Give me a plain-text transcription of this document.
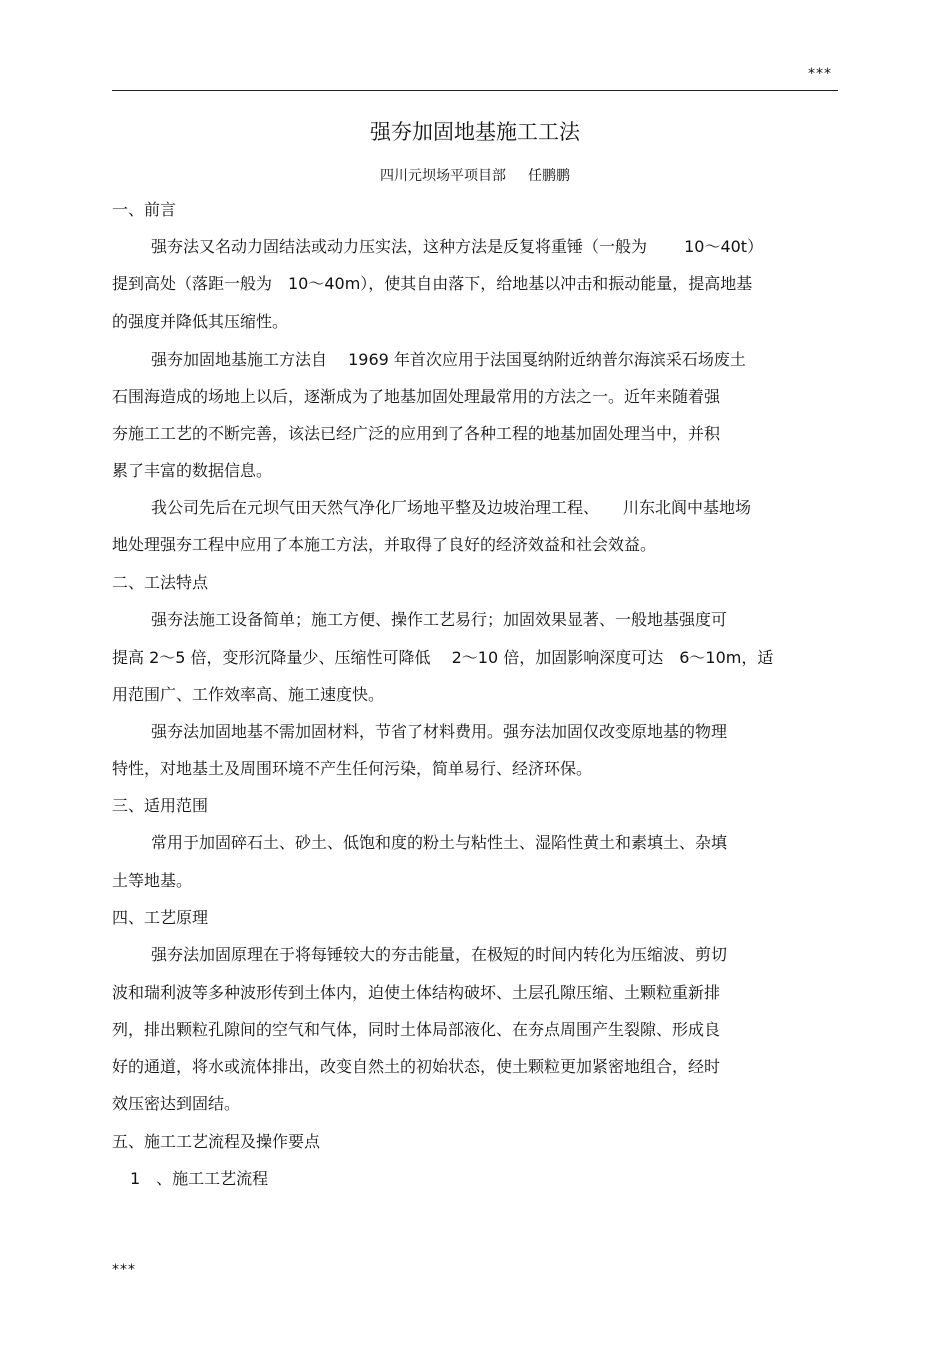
***
强夯加固地基施工工法
四川元坝场平项目部 任鹏鹏
一、前言
强夯法又名动力固结法或动力压实法，这种方法是反复将重锤（一般为　　 10～40t）
提到高处（落距一般为　10～40m），使其自由落下，给地基以冲击和振动能量，提高地基
的强度并降低其压缩性。
强夯加固地基施工方法自　 1969 年首次应用于法国戛纳附近纳普尔海滨采石场废土
石围海造成的场地上以后，逐渐成为了地基加固处理最常用的方法之一。近年来随着强
夯施工工艺的不断完善，该法已经广泛的应用到了各种工程的地基加固处理当中，并积
累了丰富的数据信息。
我公司先后在元坝气田天然气净化厂场地平整及边坡治理工程、　　川东北阆中基地场
地处理强夯工程中应用了本施工方法，并取得了良好的经济效益和社会效益。
二、工法特点
强夯法施工设备简单；施工方便、操作工艺易行；加固效果显著、一般地基强度可
提高 2～5 倍，变形沉降量少、压缩性可降低　 2～10 倍，加固影响深度可达　6～10m，适
用范围广、工作效率高、施工速度快。
强夯法加固地基不需加固材料，节省了材料费用。强夯法加固仅改变原地基的物理
特性，对地基土及周围环境不产生任何污染，简单易行、经济环保。
三、适用范围
常用于加固碎石土、砂土、低饱和度的粉土与粘性土、湿陷性黄土和素填土、杂填
土等地基。
四、工艺原理
强夯法加固原理在于将每锤较大的夯击能量，在极短的时间内转化为压缩波、剪切
波和瑞利波等多种波形传到土体内，迫使土体结构破坏、土层孔隙压缩、土颗粒重新排
列，排出颗粒孔隙间的空气和气体，同时土体局部液化、在夯点周围产生裂隙、形成良
好的通道，将水或流体排出，改变自然土的初始状态，使土颗粒更加紧密地组合，经时
效压密达到固结。
五、施工工艺流程及操作要点
1　、施工工艺流程
***
